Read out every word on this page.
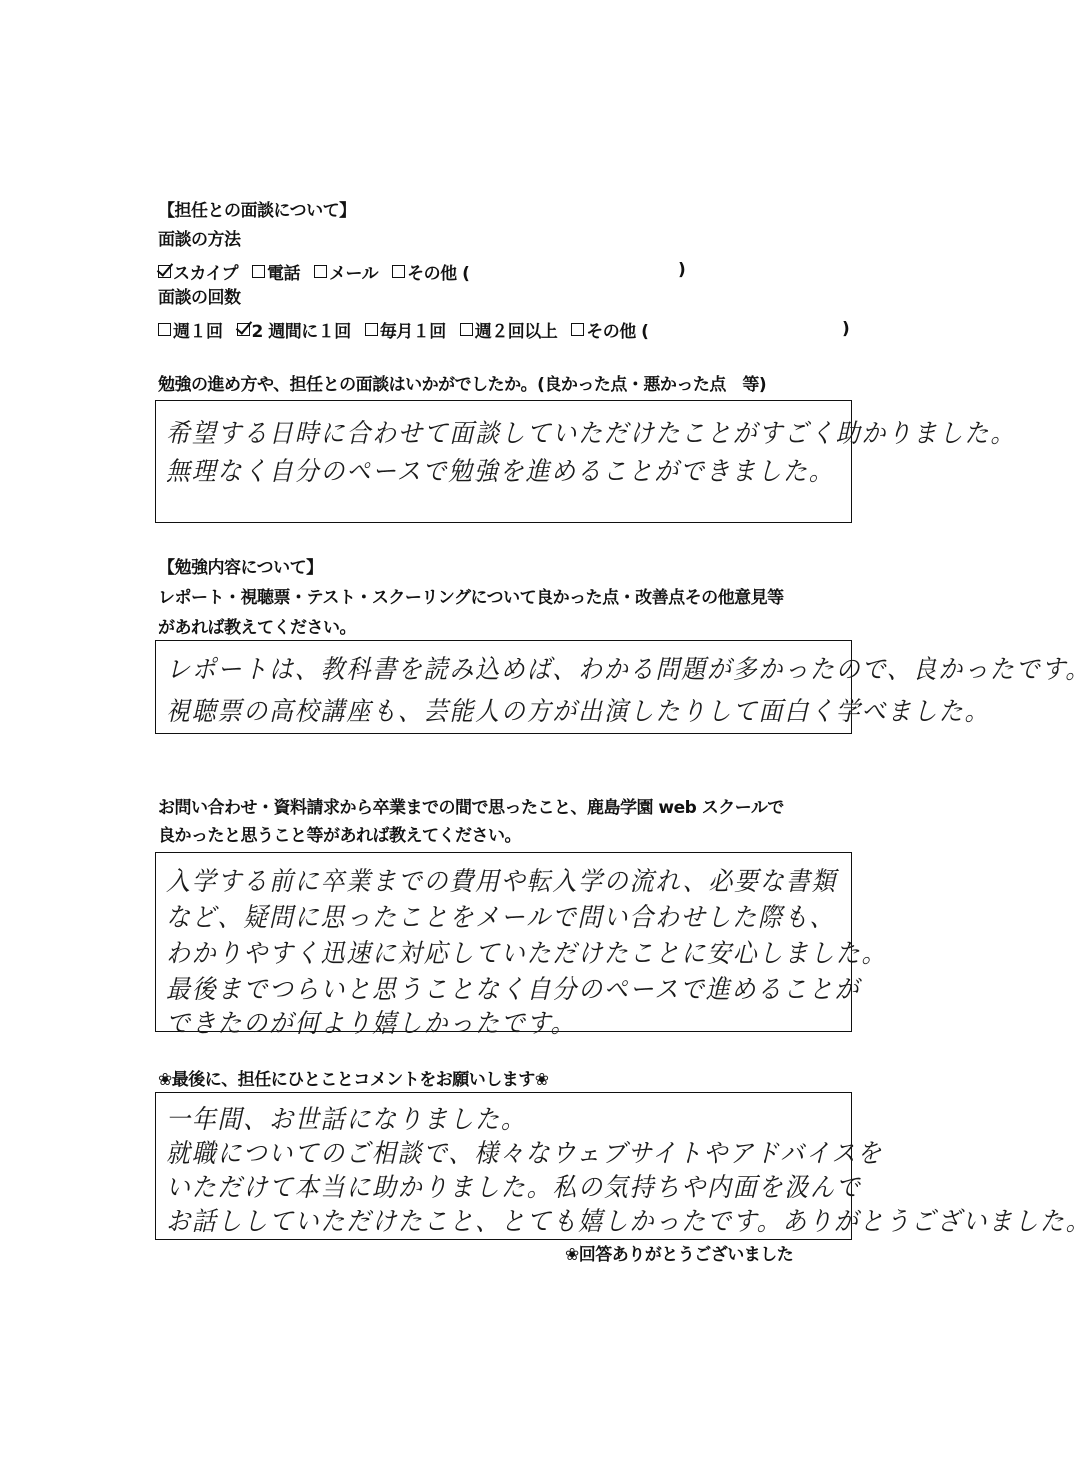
【担任との面談について】
面談の方法
スカイプ 電話 メール その他 (	)
面談の回数
週１回 2 週間に１回 毎月１回 週２回以上 その他 (	)
勉強の進め方や、担任との面談はいかがでしたか。(良かった点・悪かった点　等)
希望する日時に合わせて面談していただけたことがすごく助かりました。
無理なく自分のペースで勉強を進めることができました。
【勉強内容について】
レポート・視聴票・テスト・スクーリングについて良かった点・改善点その他意見等
があれば教えてください。
レポートは、教科書を読み込めば、わかる問題が多かったので、良かったです。
視聴票の高校講座も、芸能人の方が出演したりして面白く学べました。
お問い合わせ・資料請求から卒業までの間で思ったこと、鹿島学園 web スクールで
良かったと思うこと等があれば教えてください。
入学する前に卒業までの費用や転入学の流れ、必要な書類
など、疑問に思ったことをメールで問い合わせした際も、
わかりやすく迅速に対応していただけたことに安心しました。
最後までつらいと思うことなく自分のペースで進めることが
できたのが何より嬉しかったです。
❀最後に、担任にひとことコメントをお願いします❀
一年間、お世話になりました。
就職についてのご相談で、様々なウェブサイトやアドバイスを
いただけて本当に助かりました。私の気持ちや内面を汲んで
お話ししていただけたこと、とても嬉しかったです。ありがとうございました。
❀回答ありがとうございました
